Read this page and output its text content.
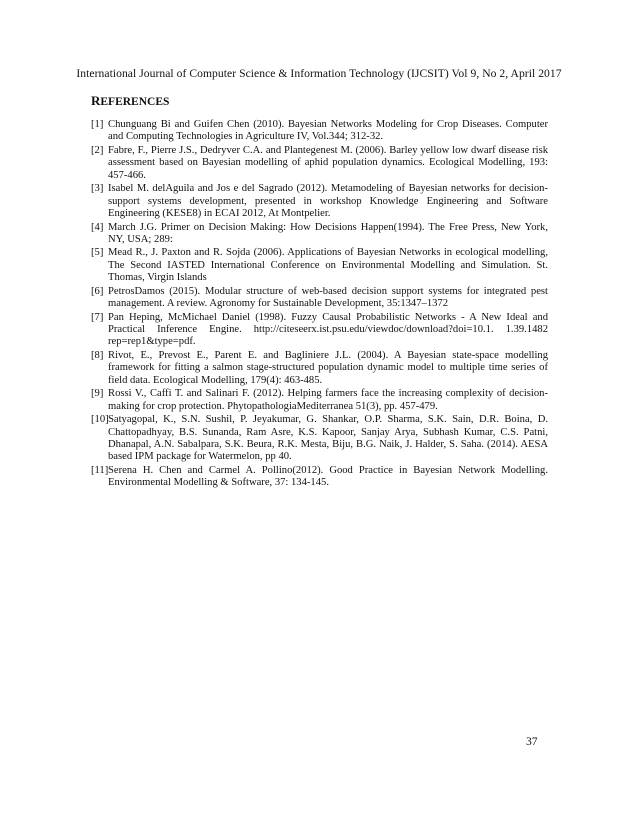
International Journal of Computer Science & Information Technology (IJCSIT) Vol 9, No 2, April 2017
REFERENCES
[1] Chunguang Bi and Guifen Chen (2010). Bayesian Networks Modeling for Crop Diseases. Computer and Computing Technologies in Agriculture IV, Vol.344; 312-32.
[2] Fabre, F., Pierre J.S., Dedryver C.A. and Plantegenest M. (2006). Barley yellow low dwarf disease risk assessment based on Bayesian modelling of aphid population dynamics. Ecological Modelling, 193: 457-466.
[3] Isabel M. delAguila and Jos e del Sagrado (2012). Metamodeling of Bayesian networks for decision-support systems development, presented in workshop Knowledge Engineering and Software Engineering (KESE8) in ECAI 2012, At Montpelier.
[4] March J.G. Primer on Decision Making: How Decisions Happen(1994). The Free Press, New York, NY, USA; 289:
[5] Mead R., J. Paxton and R. Sojda (2006). Applications of Bayesian Networks in ecological modelling, The Second IASTED International Conference on Environmental Modelling and Simulation. St. Thomas, Virgin Islands
[6] PetrosDamos (2015). Modular structure of web-based decision support systems for integrated pest management. A review. Agronomy for Sustainable Development, 35:1347–1372
[7] Pan Heping, McMichael Daniel (1998). Fuzzy Causal Probabilistic Networks - A New Ideal and Practical Inference Engine. http://citeseerx.ist.psu.edu/viewdoc/download?doi=10.1. 1.39.1482 rep=rep1&type=pdf.
[8] Rivot, E., Prevost E., Parent E. and Bagliniere J.L. (2004). A Bayesian state-space modelling framework for fitting a salmon stage-structured population dynamic model to multiple time series of field data. Ecological Modelling, 179(4): 463-485.
[9] Rossi V., Caffi T. and Salinari F. (2012). Helping farmers face the increasing complexity of decision-making for crop protection. PhytopathologiaMediterranea 51(3), pp. 457-479.
[10] Satyagopal, K., S.N. Sushil, P. Jeyakumar, G. Shankar, O.P. Sharma, S.K. Sain, D.R. Boina, D. Chattopadhyay, B.S. Sunanda, Ram Asre, K.S. Kapoor, Sanjay Arya, Subhash Kumar, C.S. Patni, Dhanapal, A.N. Sabalpara, S.K. Beura, R.K. Mesta, Biju, B.G. Naik, J. Halder, S. Saha. (2014). AESA based IPM package for Watermelon, pp 40.
[11] Serena H. Chen and Carmel A. Pollino(2012). Good Practice in Bayesian Network Modelling. Environmental Modelling & Software, 37: 134-145.
37
